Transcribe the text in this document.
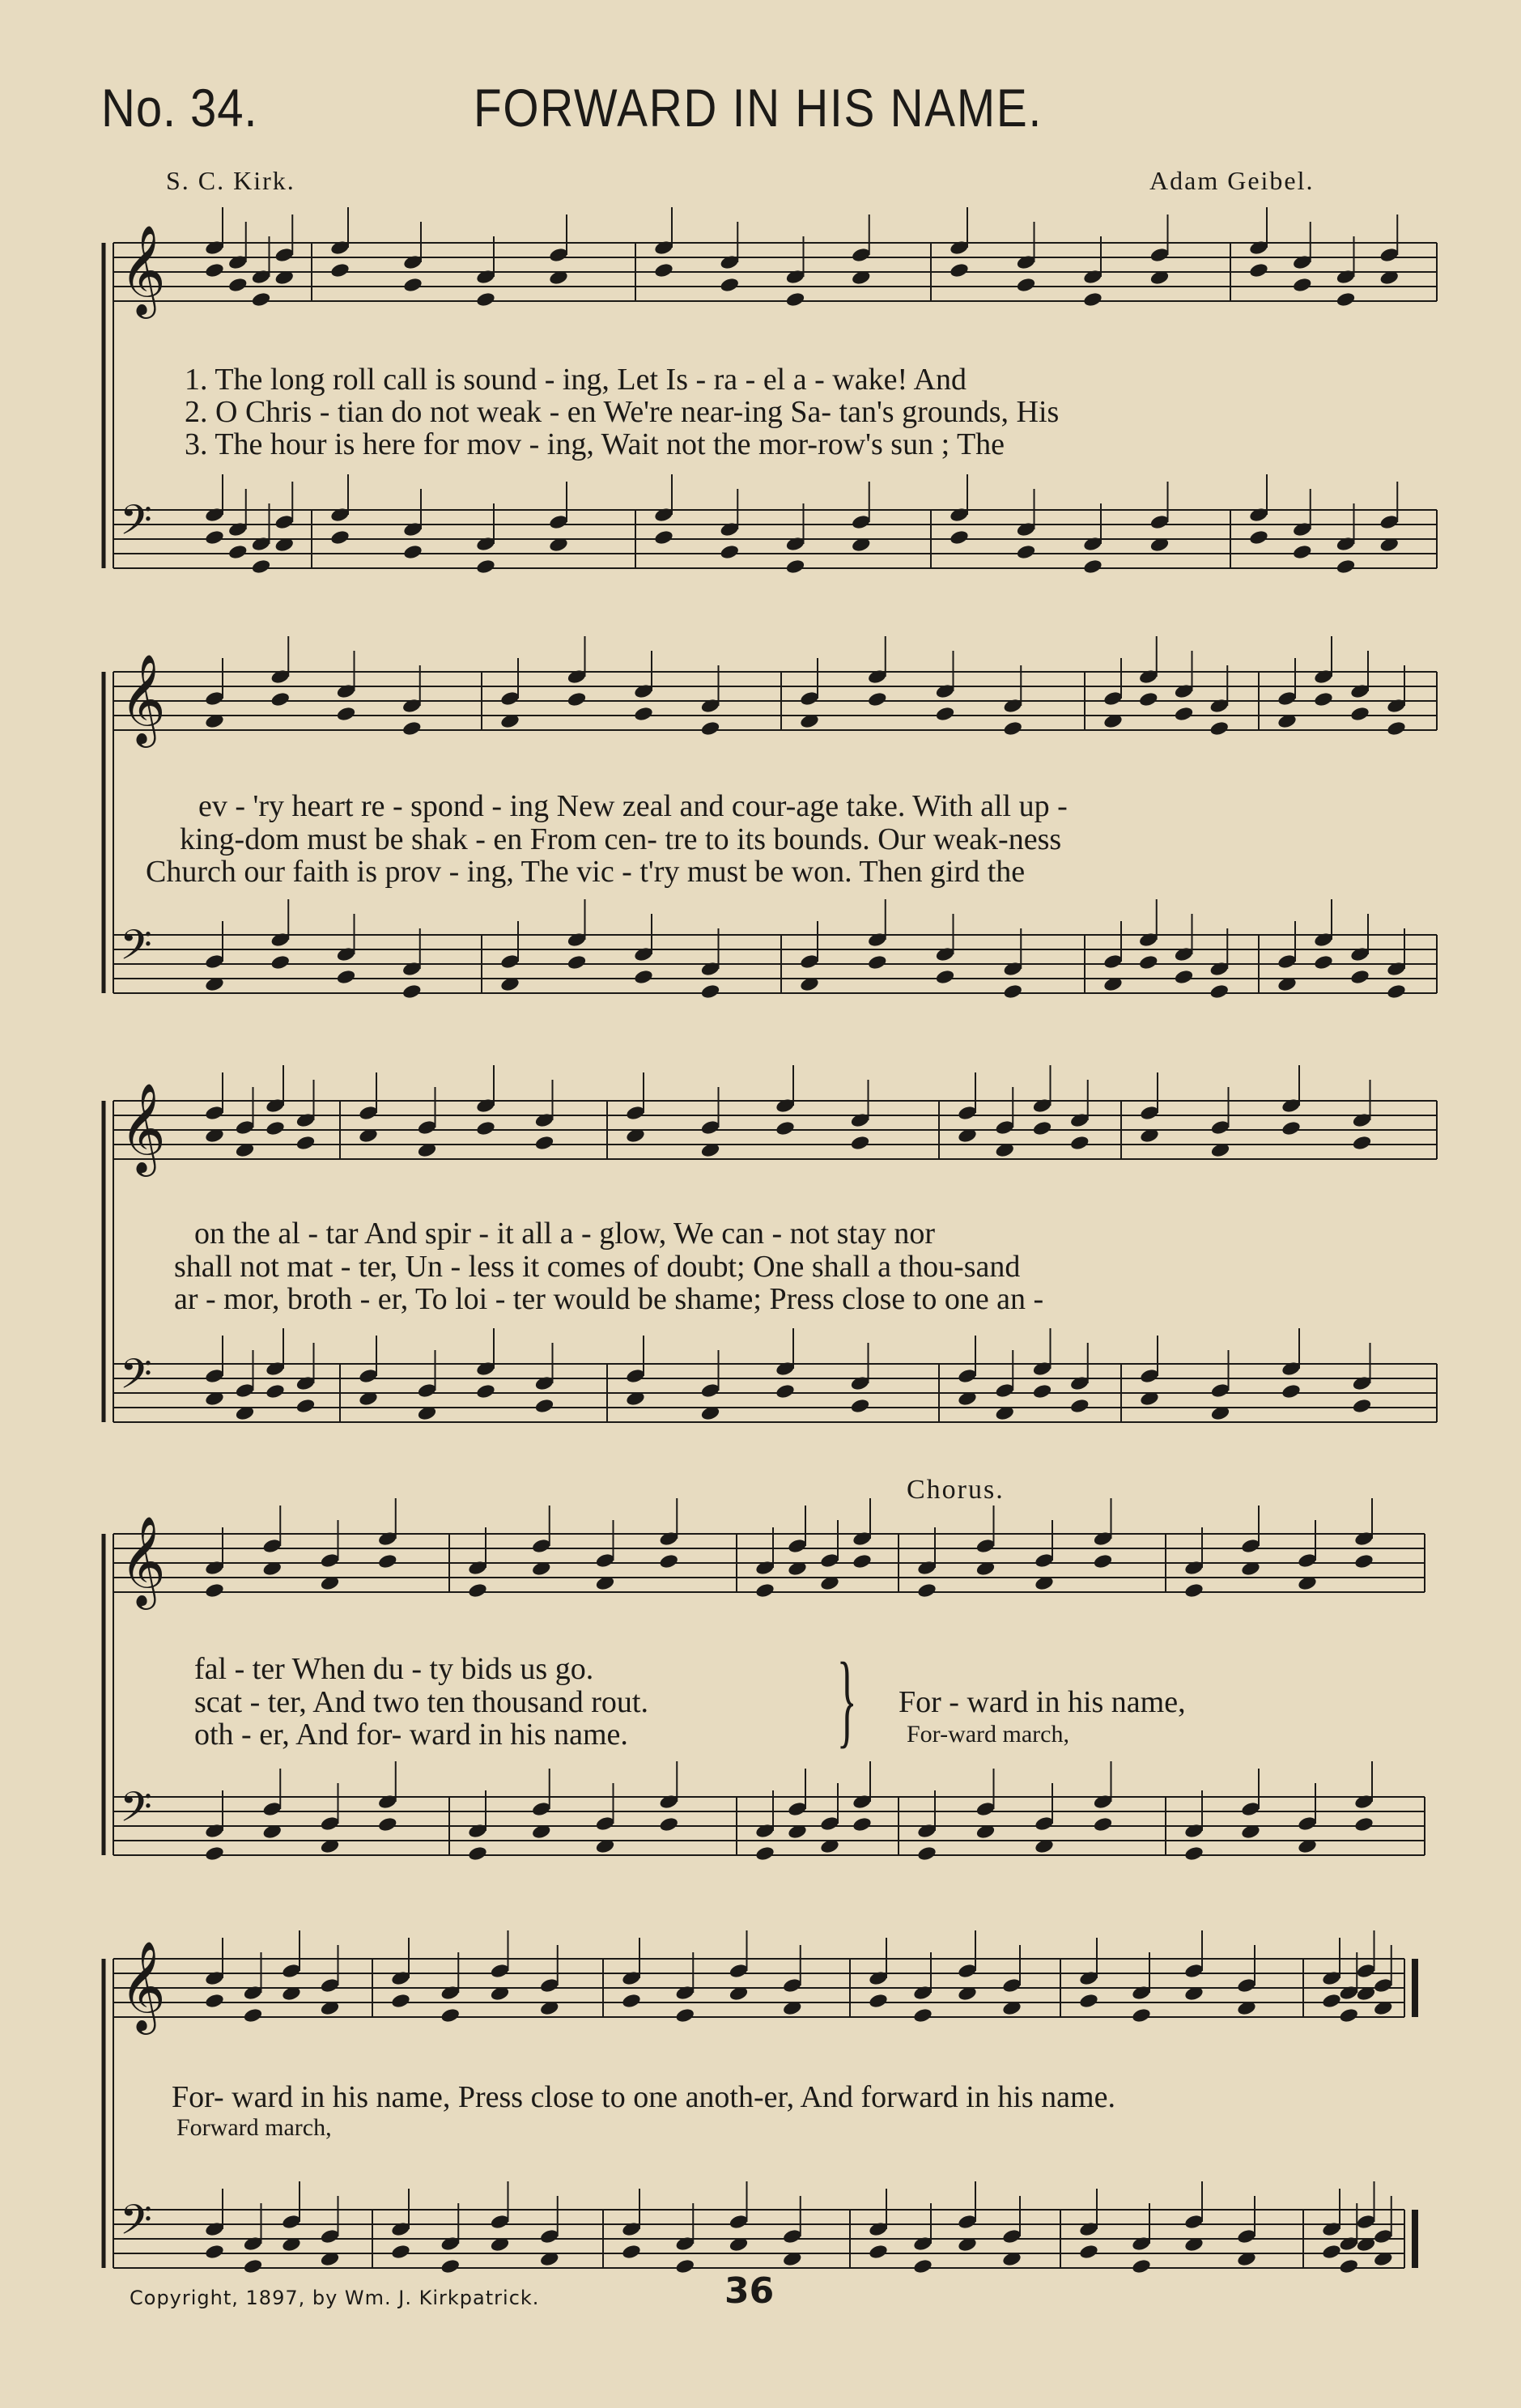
No. 34.	FORWARD IN HIS NAME.
S. C. Kirk.	Adam Geibel.
𝄞
𝄢
𝄞
𝄢
𝄞
𝄢
𝄞
𝄢
𝄞
𝄢
1. The long roll call is sound - ing, Let Is - ra - el a - wake! And
2. O Chris - tian do not weak - en We're near-ing Sa- tan's grounds, His
3. The hour is here for mov - ing, Wait not the mor-row's sun ; The
ev - 'ry heart re - spond - ing New zeal and cour-age take. With all up -
king-dom must be shak - en From cen- tre to its bounds. Our weak-ness
Church our faith is prov - ing, The vic - t'ry must be won. Then gird the
on the al - tar And spir - it all a - glow, We can - not stay nor
shall not mat - ter, Un - less it comes of doubt; One shall a thou-sand
ar - mor, broth - er, To loi - ter would be shame; Press close to one an -
fal - ter When du - ty bids us go.
scat - ter, And two ten thousand rout.
oth - er, And for- ward in his name. }
Chorus.
For - ward in his name,
For-ward march,
For- ward in his name, Press close to one anoth-er, And forward in his name.
Forward march,
Copyright, 1897, by Wm. J. Kirkpatrick.	36
